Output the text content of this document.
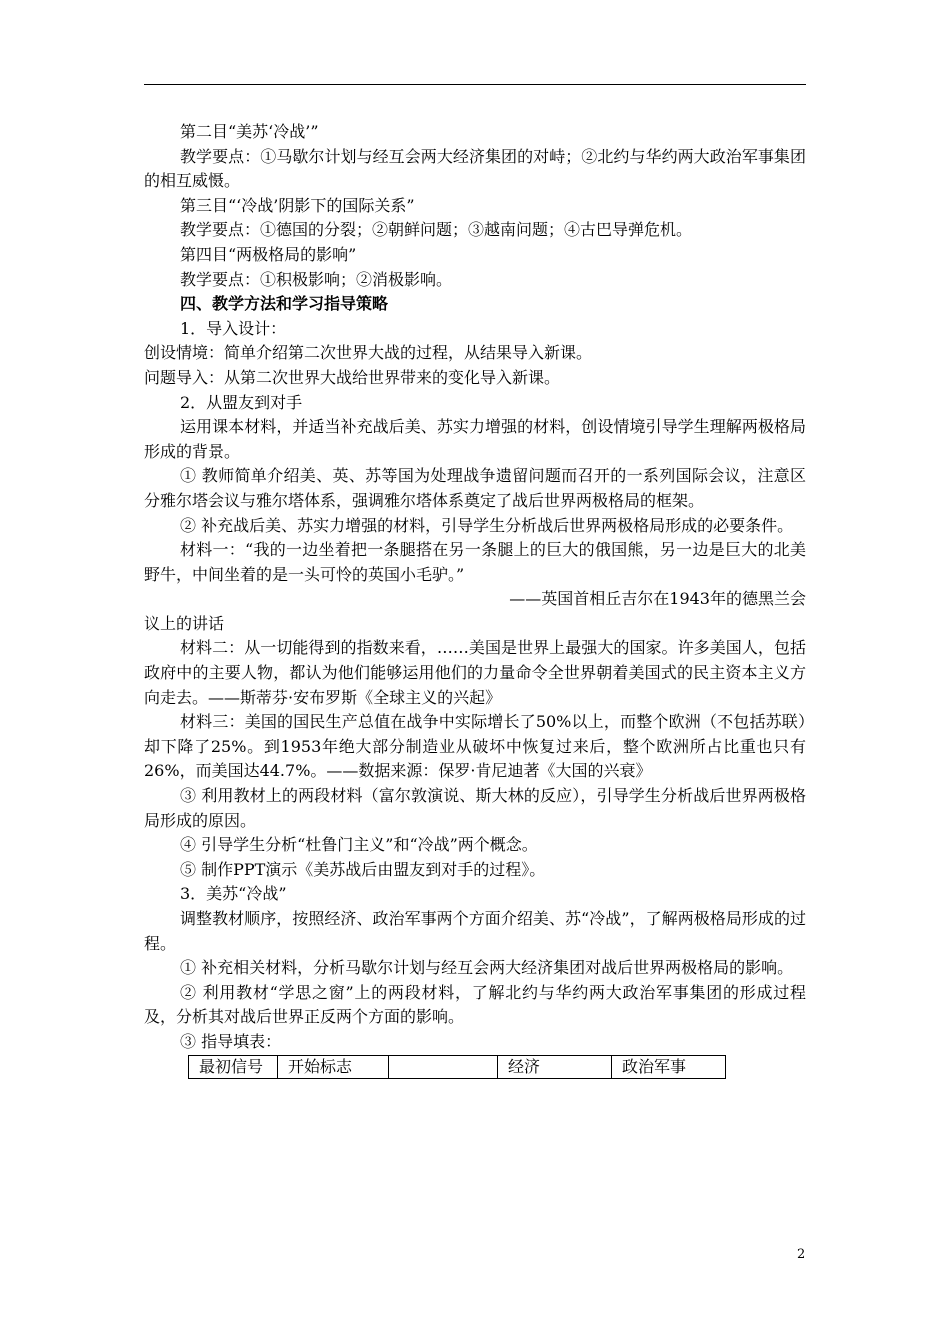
第二目“美苏‘冷战’”

教学要点：①马歇尔计划与经互会两大经济集团的对峙；②北约与华约两大政治军事集团的相互威慑。

第三目“‘冷战’阴影下的国际关系”

教学要点：①德国的分裂；②朝鲜问题；③越南问题；④古巴导弹危机。

第四目“两极格局的影响”

教学要点：①积极影响；②消极影响。

四、教学方法和学习指导策略

1．导入设计：

创设情境：简单介绍第二次世界大战的过程，从结果导入新课。

问题导入：从第二次世界大战给世界带来的变化导入新课。

2．从盟友到对手

运用课本材料，并适当补充战后美、苏实力增强的材料，创设情境引导学生理解两极格局形成的背景。

① 教师简单介绍美、英、苏等国为处理战争遗留问题而召开的一系列国际会议，注意区分雅尔塔会议与雅尔塔体系，强调雅尔塔体系奠定了战后世界两极格局的框架。

② 补充战后美、苏实力增强的材料，引导学生分析战后世界两极格局形成的必要条件。

材料一：“我的一边坐着把一条腿搭在另一条腿上的巨大的俄国熊，另一边是巨大的北美野牛，中间坐着的是一头可怜的英国小毛驴。”

——英国首相丘吉尔在1943年的德黑兰会

议上的讲话

材料二：从一切能得到的指数来看，……美国是世界上最强大的国家。许多美国人，包括政府中的主要人物，都认为他们能够运用他们的力量命令全世界朝着美国式的民主资本主义方向走去。——斯蒂芬·安布罗斯《全球主义的兴起》

材料三：美国的国民生产总值在战争中实际增长了50%以上，而整个欧洲（不包括苏联）却下降了25%。到1953年绝大部分制造业从破坏中恢复过来后，整个欧洲所占比重也只有26%，而美国达44.7%。——数据来源：保罗·肯尼迪著《大国的兴衰》

③ 利用教材上的两段材料（富尔敦演说、斯大林的反应），引导学生分析战后世界两极格局形成的原因。

④ 引导学生分析“杜鲁门主义”和“冷战”两个概念。

⑤ 制作PPT演示《美苏战后由盟友到对手的过程》。

3．美苏“冷战”

调整教材顺序，按照经济、政治军事两个方面介绍美、苏“冷战”，了解两极格局形成的过程。

① 补充相关材料，分析马歇尔计划与经互会两大经济集团对战后世界两极格局的影响。

② 利用教材“学思之窗”上的两段材料，了解北约与华约两大政治军事集团的形成过程及，分析其对战后世界正反两个方面的影响。

③ 指导填表：

最初信号	开始标志		经济	政治军事
2
